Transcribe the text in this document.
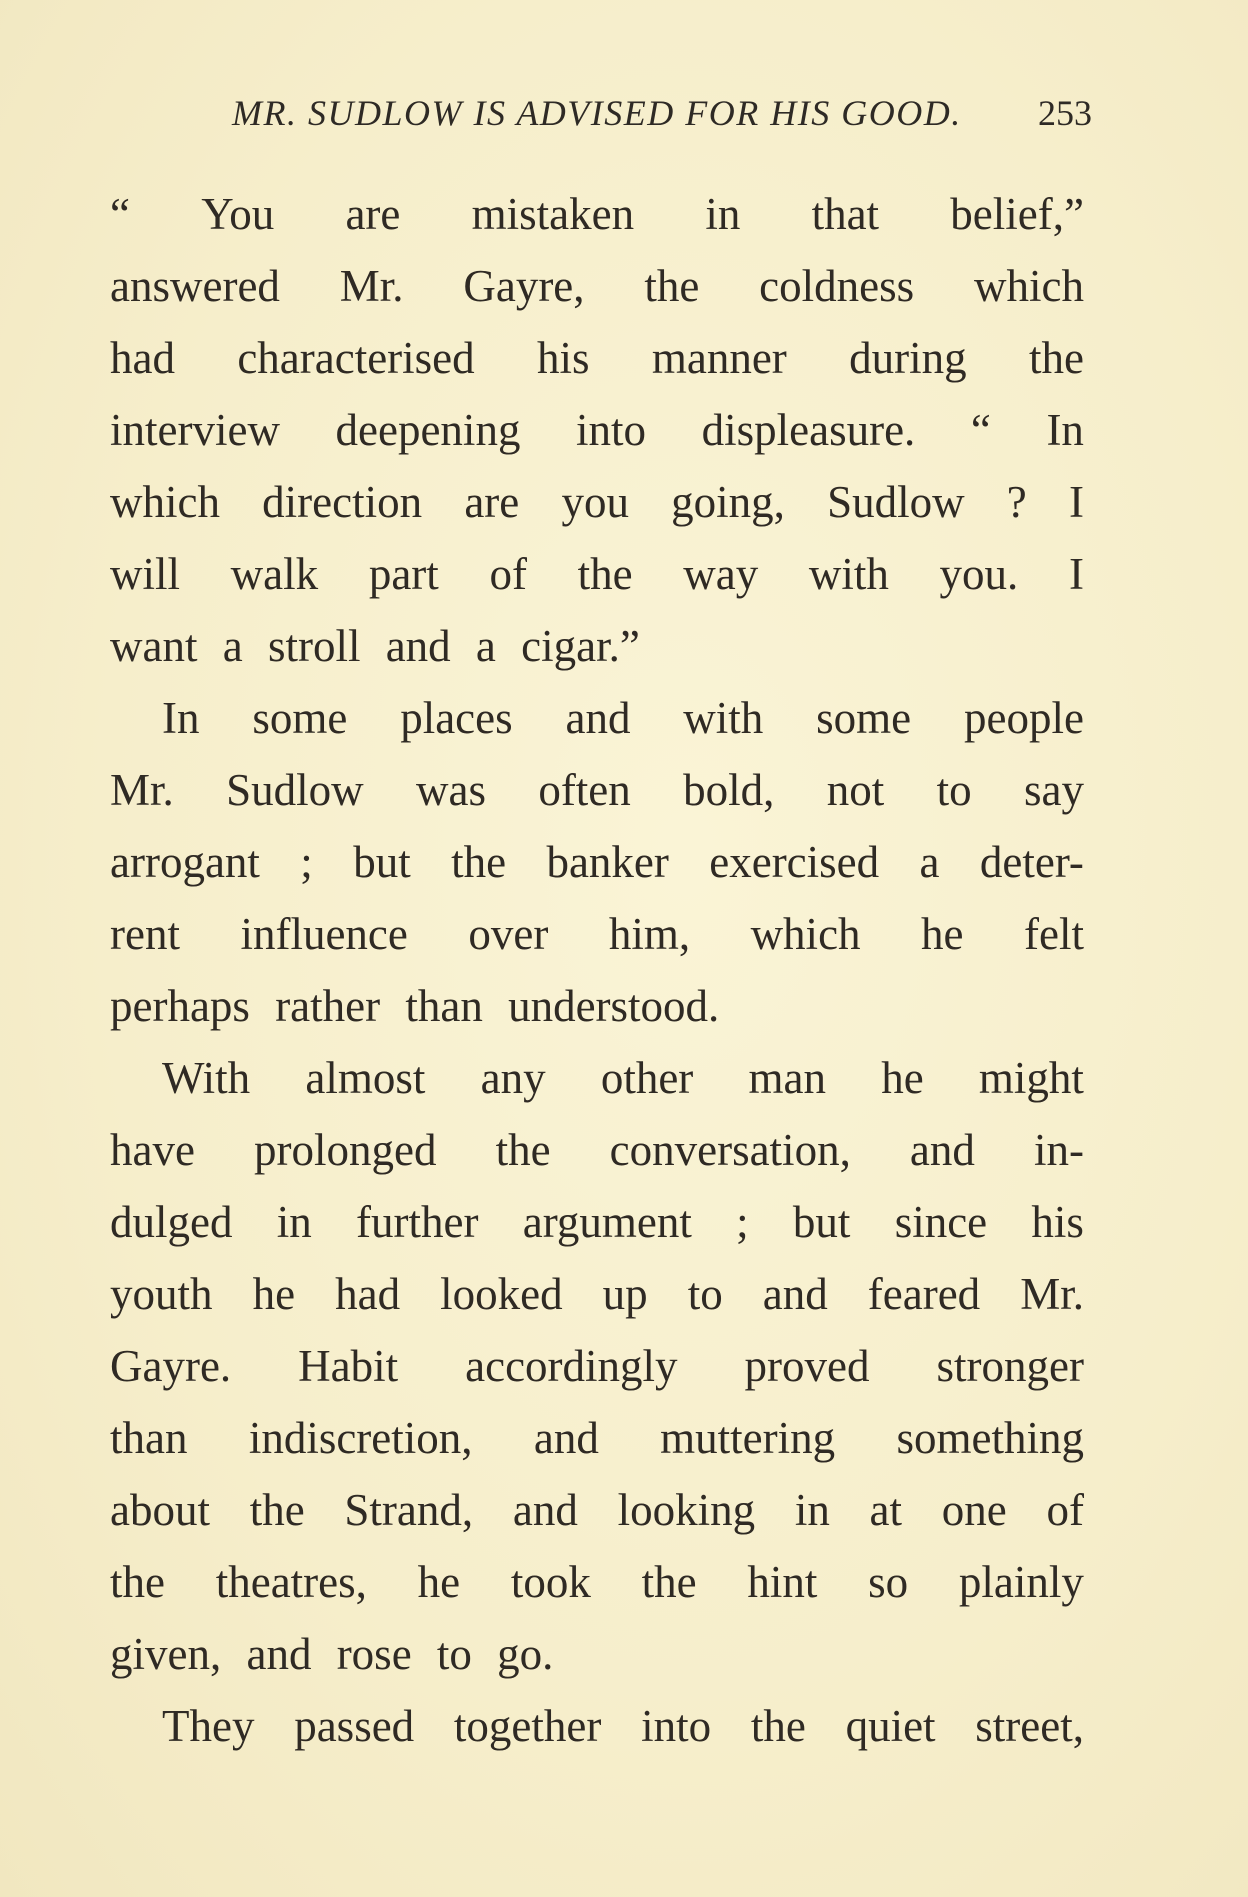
MR. SUDLOW IS ADVISED FOR HIS GOOD. 253
“ You are mistaken in that belief,”
answered Mr. Gayre, the coldness which
had characterised his manner during the
interview deepening into displeasure. “ In
which direction are you going, Sudlow ? I
will walk part of the way with you. I
want a stroll and a cigar.”
In some places and with some people
Mr. Sudlow was often bold, not to say
arrogant ; but the banker exercised a deter-
rent influence over him, which he felt
perhaps rather than understood.
With almost any other man he might
have prolonged the conversation, and in-
dulged in further argument ; but since his
youth he had looked up to and feared Mr.
Gayre. Habit accordingly proved stronger
than indiscretion, and muttering something
about the Strand, and looking in at one of
the theatres, he took the hint so plainly
given, and rose to go.
They passed together into the quiet street,
